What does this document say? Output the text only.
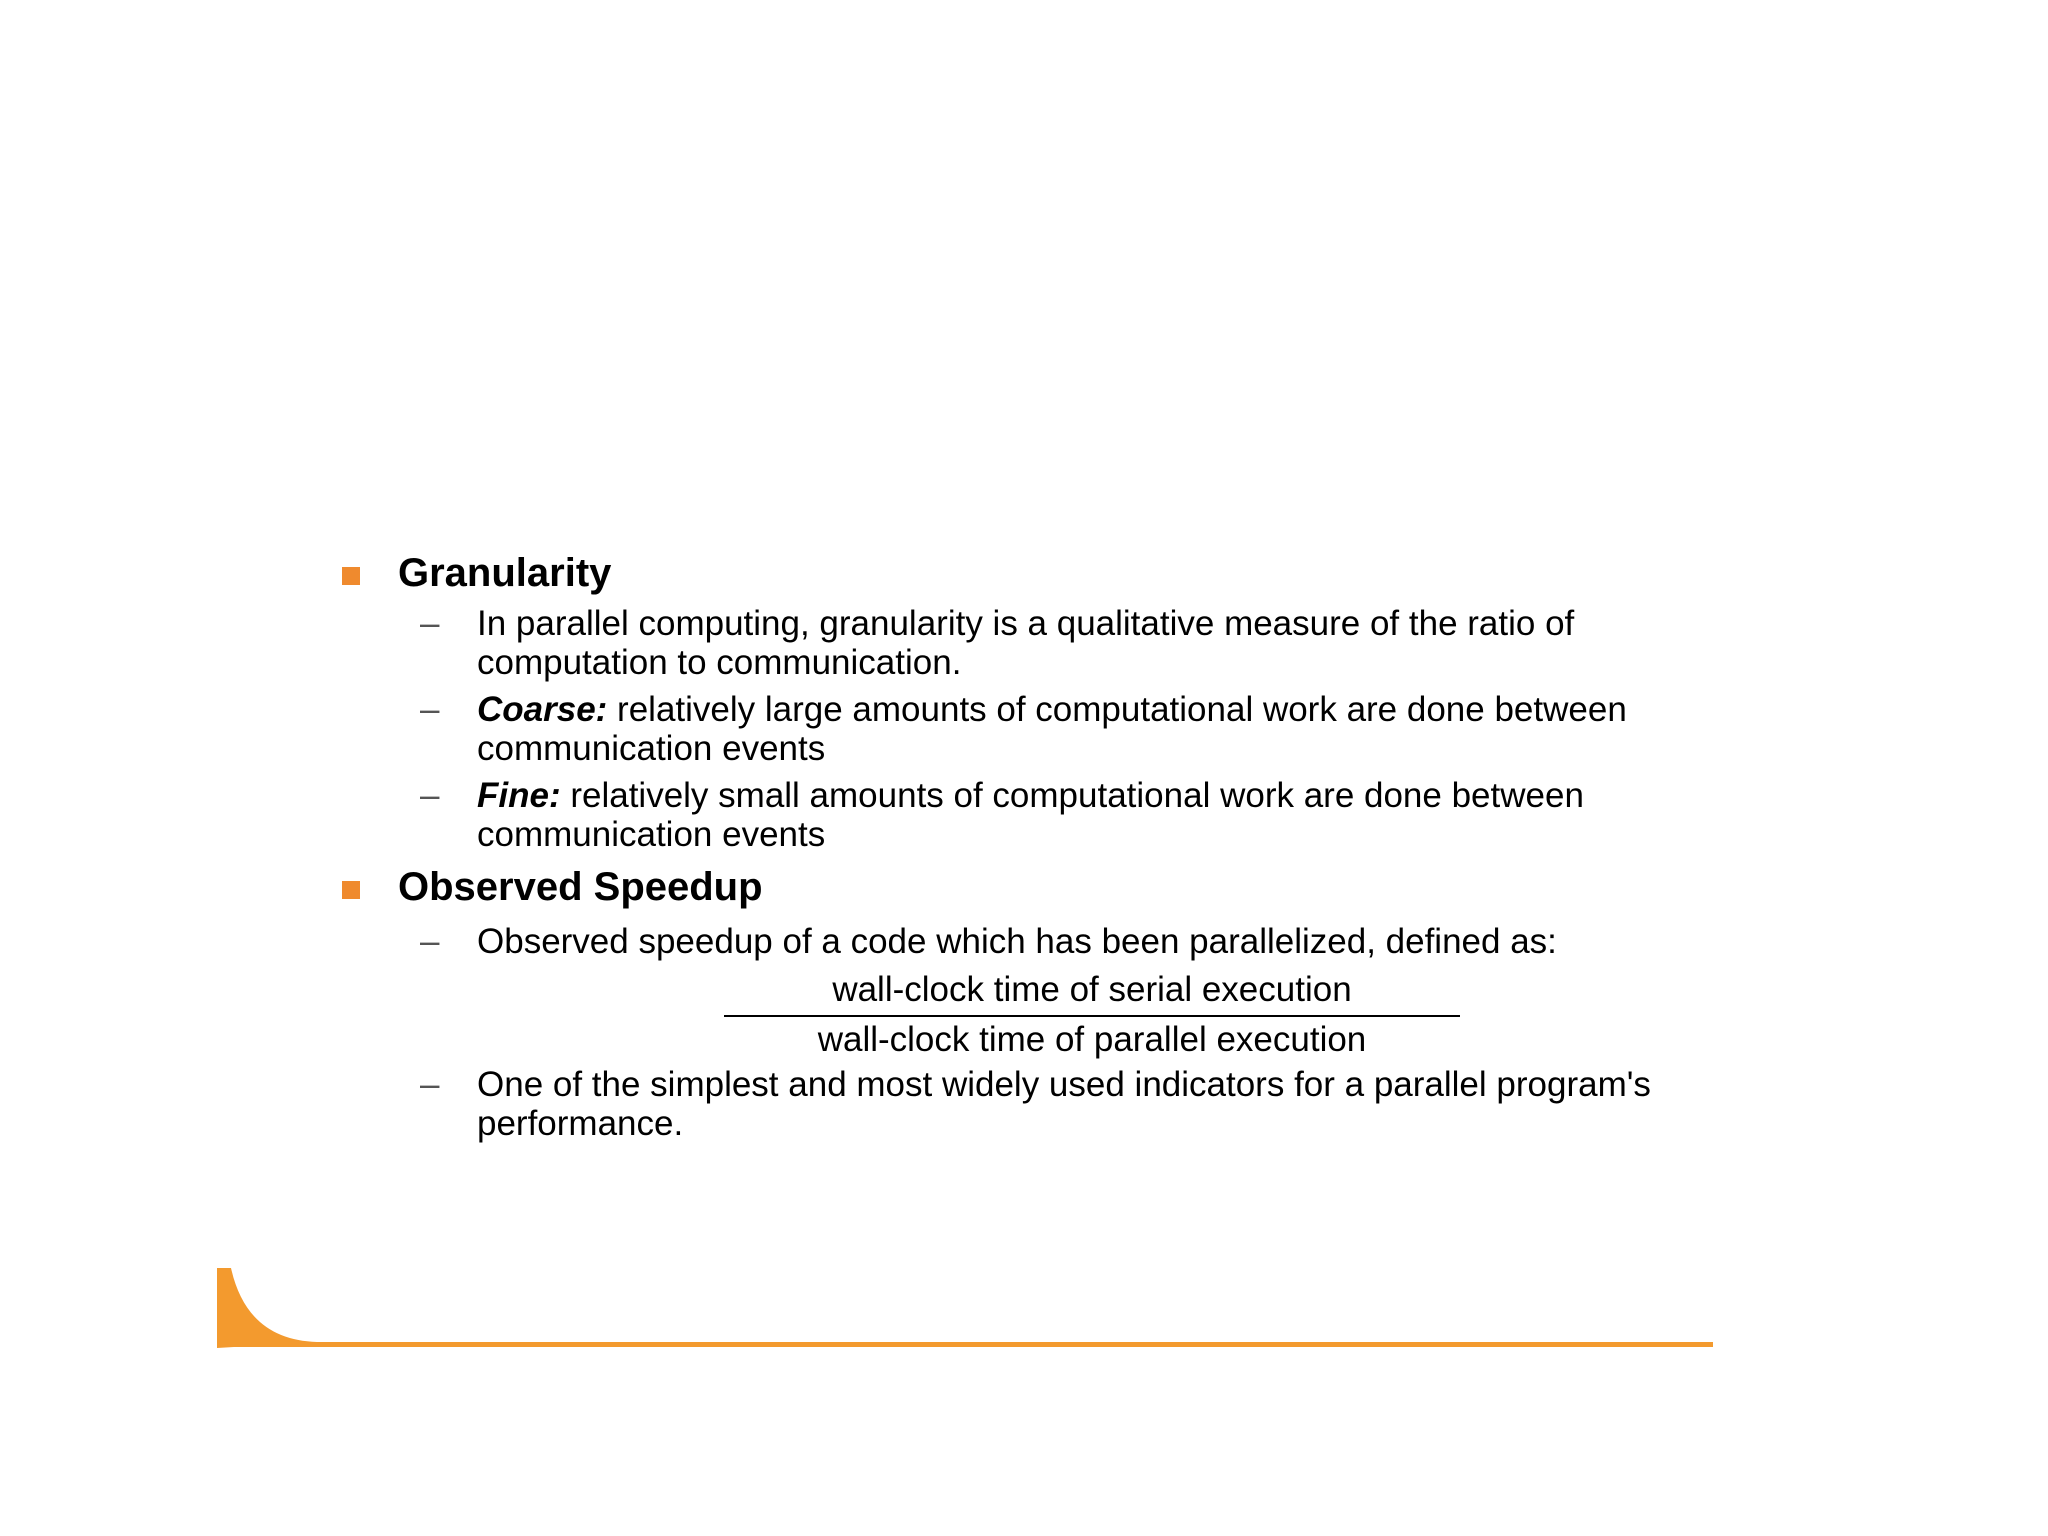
Granularity
– In parallel computing, granularity is a qualitative measure of the ratio of computation to communication.
– Coarse: relatively large amounts of computational work are done between communication events
– Fine: relatively small amounts of computational work are done between communication events
Observed Speedup
– Observed speedup of a code which has been parallelized, defined as:
wall-clock time of serial execution
wall-clock time of parallel execution
– One of the simplest and most widely used indicators for a parallel program's performance.
